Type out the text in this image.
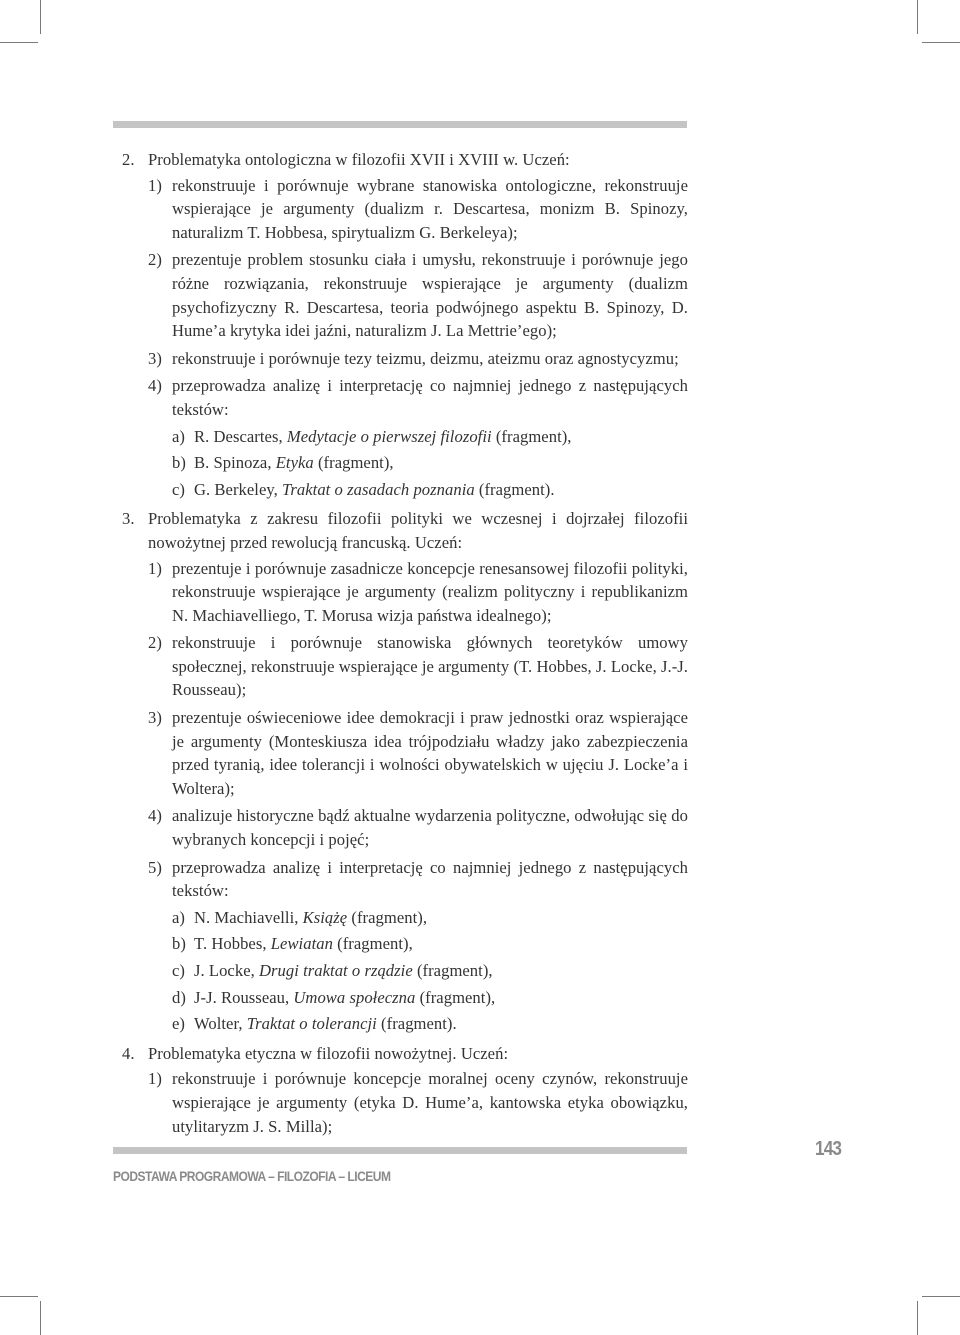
2. Problematyka ontologiczna w filozofii XVII i XVIII w. Uczeń:
1) rekonstruuje i porównuje wybrane stanowiska ontologiczne, rekonstruuje wspierające je argumenty (dualizm r. Descartesa, monizm B. Spinozy, naturalizm T. Hobbesa, spirytualizm G. Berkeleya);
2) prezentuje problem stosunku ciała i umysłu, rekonstruuje i porównuje jego różne rozwiązania, rekonstruuje wspierające je argumenty (dualizm psychofizyczny R. Descartesa, teoria podwójnego aspektu B. Spinozy, D. Hume’a krytyka idei jaźni, naturalizm J. La Mettrie’ego);
3) rekonstruuje i porównuje tezy teizmu, deizmu, ateizmu oraz agnostycyzmu;
4) przeprowadza analizę i interpretację co najmniej jednego z następujących tekstów:
a) R. Descartes, Medytacje o pierwszej filozofii (fragment),
b) B. Spinoza, Etyka (fragment),
c) G. Berkeley, Traktat o zasadach poznania (fragment).
3. Problematyka z zakresu filozofii polityki we wczesnej i dojrzałej filozofii nowożytnej przed rewolucją francuską. Uczeń:
1) prezentuje i porównuje zasadnicze koncepcje renesansowej filozofii polityki, rekonstruuje wspierające je argumenty (realizm polityczny i republikanizm N. Machiavelliego, T. Morusa wizja państwa idealnego);
2) rekonstruuje i porównuje stanowiska głównych teoretyków umowy społecznej, rekonstruuje wspierające je argumenty (T. Hobbes, J. Locke, J.-J. Rousseau);
3) prezentuje oświeceniowe idee demokracji i praw jednostki oraz wspierające je argumenty (Monteskiusza idea trójpodziału władzy jako zabezpieczenia przed tyranią, idee tolerancji i wolności obywatelskich w ujęciu J. Locke’a i Woltera);
4) analizuje historyczne bądź aktualne wydarzenia polityczne, odwołując się do wybranych koncepcji i pojęć;
5) przeprowadza analizę i interpretację co najmniej jednego z następujących tekstów:
a) N. Machiavelli, Książę (fragment),
b) T. Hobbes, Lewiatan (fragment),
c) J. Locke, Drugi traktat o rządzie (fragment),
d) J-J. Rousseau, Umowa społeczna (fragment),
e) Wolter, Traktat o tolerancji (fragment).
4. Problematyka etyczna w filozofii nowożytnej. Uczeń:
1) rekonstruuje i porównuje koncepcje moralnej oceny czynów, rekonstruuje wspierające je argumenty (etyka D. Hume’a, kantowska etyka obowiązku, utylitaryzm J. S. Milla);
PODSTAWA PROGRAMOWA – FILOZOFIA – LICEUM
143
